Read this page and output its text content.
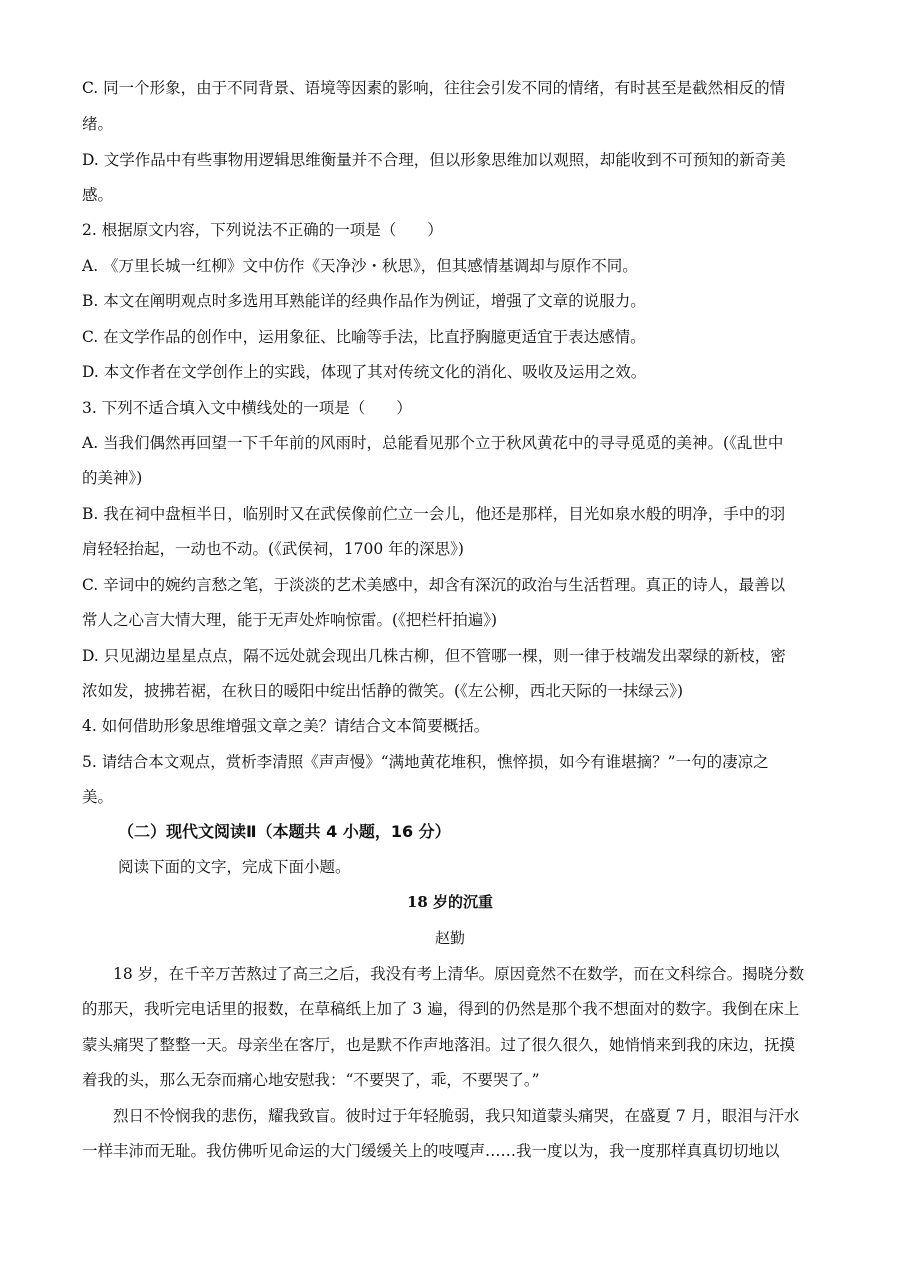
C. 同一个形象，由于不同背景、语境等因素的影响，往往会引发不同的情绪，有时甚至是截然相反的情
绪。
D. 文学作品中有些事物用逻辑思维衡量并不合理，但以形象思维加以观照，却能收到不可预知的新奇美
感。
2. 根据原文内容，下列说法不正确的一项是（　　）
A. 《万里长城一红柳》文中仿作《天净沙・秋思》，但其感情基调却与原作不同。
B. 本文在阐明观点时多选用耳熟能详的经典作品作为例证，增强了文章的说服力。
C. 在文学作品的创作中，运用象征、比喻等手法，比直抒胸臆更适宜于表达感情。
D. 本文作者在文学创作上的实践，体现了其对传统文化的消化、吸收及运用之效。
3. 下列不适合填入文中横线处的一项是（　　）
A. 当我们偶然再回望一下千年前的风雨时，总能看见那个立于秋风黄花中的寻寻觅觅的美神。(《乱世中
的美神》)
B. 我在祠中盘桓半日，临别时又在武侯像前伫立一会儿，他还是那样，目光如泉水般的明净，手中的羽
肩轻轻抬起，一动也不动。(《武侯祠，1700 年的深思》)
C. 辛词中的婉约言愁之笔，于淡淡的艺术美感中，却含有深沉的政治与生活哲理。真正的诗人，最善以
常人之心言大情大理，能于无声处炸响惊雷。(《把栏杆拍遍》)
D. 只见湖边星星点点，隔不远处就会现出几株古柳，但不管哪一棵，则一律于枝端发出翠绿的新枝，密
浓如发，披拂若裾，在秋日的暖阳中绽出恬静的微笑。(《左公柳，西北天际的一抹绿云》)
4. 如何借助形象思维增强文章之美？请结合文本简要概括。
5. 请结合本文观点，赏析李清照《声声慢》“满地黄花堆积，憔悴损，如今有谁堪摘？”一句的凄凉之
美。
（二）现代文阅读Ⅱ（本题共 4 小题，16 分）
阅读下面的文字，完成下面小题。
18 岁的沉重
赵勤
　　18 岁，在千辛万苦熬过了高三之后，我没有考上清华。原因竟然不在数学，而在文科综合。揭晓分数
的那天，我听完电话里的报数，在草稿纸上加了 3 遍，得到的仍然是那个我不想面对的数字。我倒在床上
蒙头痛哭了整整一天。母亲坐在客厅，也是默不作声地落泪。过了很久很久，她悄悄来到我的床边，抚摸
着我的头，那么无奈而痛心地安慰我：“不要哭了，乖，不要哭了。”
　　烈日不怜悯我的悲伤，耀我致盲。彼时过于年轻脆弱，我只知道蒙头痛哭，在盛夏 7 月，眼泪与汗水
一样丰沛而无耻。我仿佛听见命运的大门缓缓关上的吱嘎声……我一度以为，我一度那样真真切切地以
